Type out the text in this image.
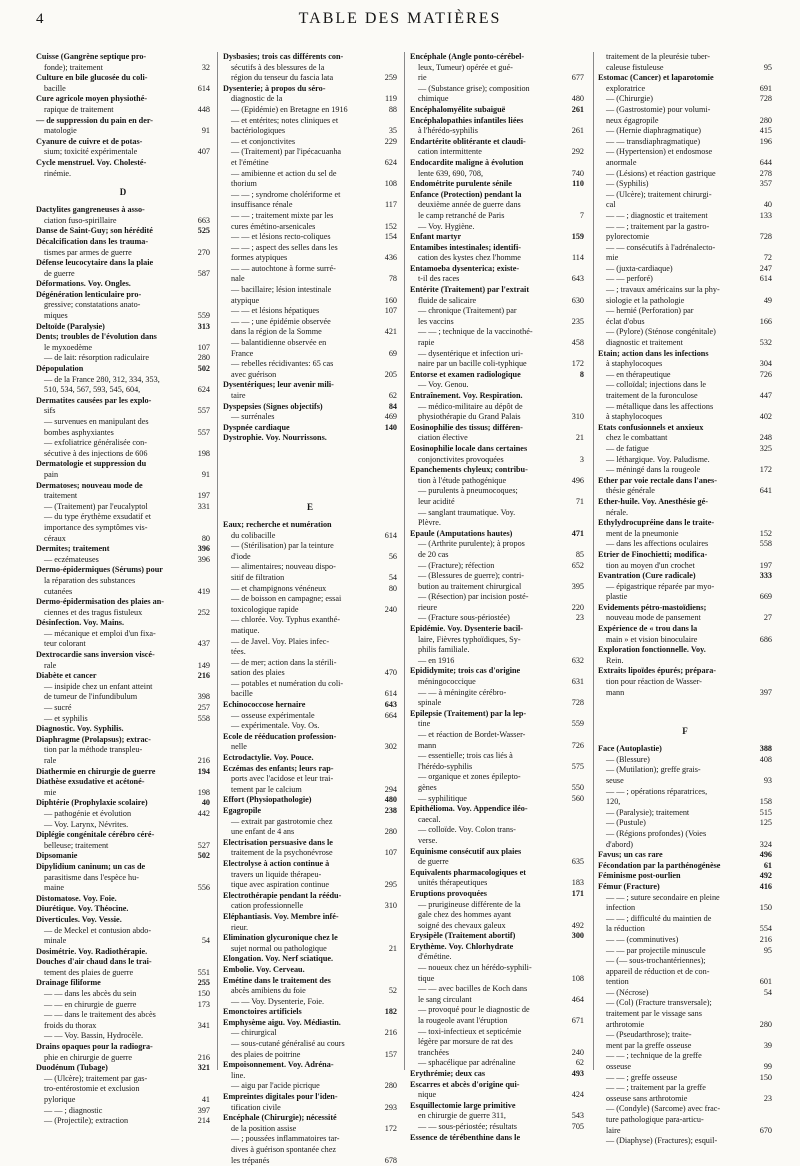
4	TABLE DES MATIÈRES
Cuisse (Gangrène septique pro-
fonde); traitement	32
Culture en bile glucosée du coli-
bacille	614
Cure agricole moyen physiothé-
rapique de traitement	448
— de suppression du pain en der-
matologie	91
Cyanure de cuivre et de potas-
sium; toxicité expérimentale	407
Cycle menstruel. Voy. Cholesté-
rinémie.
D
Dactylites gangreneuses à asso-
ciation fuso-spirillaire	663
Danse de Saint-Guy; son hérédité	525
Décalcification dans les trauma-
tismes par armes de guerre	270
Défense leucocytaire dans la plaie
de guerre	587
Déformations. Voy. Ongles.
Dégénération lenticulaire pro-
gressive; constatations anato-
miques	559
Deltoïde (Paralysie)	313
Dents; troubles de l'évolution dans
le myxoedème	107
— de lait: résorption radiculaire	280
Dépopulation	502
— de la France 280, 312, 334, 353,
510, 534, 567, 593, 545, 604,	624
Dermatites causées par les explo-
sifs	557
— survenues en manipulant des
bombes asphyxiantes	557
— exfoliatrice généralisée con-
sécutive à des injections de 606	198
Dermatologie et suppression du
pain	91
Dermatoses; nouveau mode de
traitement	197
— (Traitement) par l'eucalyptol	331
— du type érythème exsudatif et
importance des symptômes vis-
céraux	80
Dermites; traitement	396
— eczémateuses	396
Dermo-épidermiques (Sérums) pour
la réparation des substances
cutanées	419
Dermo-épidermisation des plaies an-
ciennes et des tragus fistuleux	252
Désinfection. Voy. Mains.
— mécanique et emploi d'un fixa-
teur colorant	437
Dextrocardie sans inversion viscé-
rale	149
Diabète et cancer	216
— insipide chez un enfant atteint
de tumeur de l'infundibulum	398
— sucré	257
— et syphilis	558
Diagnostic. Voy. Syphilis.
Diaphragme (Prolapsus); extrac-
tion par la méthode transpleu-
rale	216
Diathermie en chirurgie de guerre	194
Diathèse exsudative et acétoné-
mie	198
Diphtérie (Prophylaxie scolaire)	40
— pathogénie et évolution	442
— Voy. Larynx, Névrites.
Diplégie congénitale cérébro céré-
belleuse; traitement	527
Dipsomanie	502
Dipylidium caninum; un cas de
parasitisme dans l'espèce hu-
maine	556
Distomatose. Voy. Foie.
Diurétique. Voy. Théocine.
Diverticules. Voy. Vessie.
— de Meckel et contusion abdo-
minale	54
Dosimétrie. Voy. Radiothérapie.
Douches d'air chaud dans le trai-
tement des plaies de guerre	551
Drainage filiforme	255
— — dans les abcès du sein	150
— — en chirurgie de guerre	173
— — dans le traitement des abcès
froids du thorax	341
— — Voy. Bassin, Hydrocèle.
Drains opaques pour la radiogra-
phie en chirurgie de guerre	216
Duodénum (Tubage)	321
— (Ulcère); traitement par gas-
tro-entérostomie et exclusion
pylorique	41
— — ; diagnostic	397
— (Projectile); extraction	214
Dysbasies; trois cas différents con-
sécutifs à des blessures de la
région du tenseur du fascia lata	259
Dysenterie; à propos du séro-
diagnostic de la	119
— (Epidémie) en Bretagne en 1916	88
— et entérites; notes cliniques et
bactériologiques	35
— et conjonctivites	229
— (Traitement) par l'ipécacuanha
et l'émétine	624
— amibienne et action du sel de
thorium	108
— — ; syndrome cholériforme et
insuffisance rénale	117
— — ; traitement mixte par les
cures émétino-arsenicales	152
— — et lésions recto-coliques	154
— — ; aspect des selles dans les
formes atypiques	436
— — autochtone à forme surré-
nale	78
— bacillaire; lésion intestinale
atypique	160
— — et lésions hépatiques	107
— — ; une épidémie observée
dans la région de la Somme	421
— balantidienne observée en
France	69
— rebelles récidivantes: 65 cas
avec guérison	205
Dysentériques; leur avenir mili-
taire	62
Dyspepsies (Signes objectifs)	84
— surrénales	469
Dyspnée cardiaque	140
Dystrophie. Voy. Nourrissons.
E
Eaux; recherche et numération
du colibacille	614
— (Stérilisation) par la teinture
d'iode	56
— alimentaires; nouveau dispo-
sitif de filtration	54
— et champignons vénéneux	80
— de boisson en campagne; essai
toxicologique rapide	240
— chlorée. Voy. Typhus exanthé-
matique.
— de Javel. Voy. Plaies infec-
tées.
— de mer; action dans la stérili-
sation des plaies	470
— potables et numération du coli-
bacille	614
Echinococcose hernaire	643
— osseuse expérimentale	664
— expérimentale. Voy. Os.
Ecole de rééducation profession-
nelle	302
Ectrodactylie. Voy. Pouce.
Eczémas des enfants; leurs rap-
ports avec l'acidose et leur trai-
tement par le calcium	294
Effort (Physiopathologie)	480
Egagropile	238
— extrait par gastrotomie chez
une enfant de 4 ans	280
Electrisation persuasive dans le
traitement de la psychonévrose	107
Electrolyse à action continue à
travers un liquide thérapeu-
tique avec aspiration continue	295
Electrothérapie pendant la réédu-
cation professionnelle	310
Eléphantiasis. Voy. Membre infé-
rieur.
Elimination glycuronique chez le
sujet normal ou pathologique	21
Elongation. Voy. Nerf sciatique.
Embolie. Voy. Cerveau.
Emétine dans le traitement des
abcès amibiens du foie	52
— — Voy. Dysenterie, Foie.
Emonctoires artificiels	182
Emphysème aigu. Voy. Médiastin.
— chirurgical	216
— sous-cutané généralisé au cours
des plaies de poitrine	157
Empoisonnement. Voy. Adréna-
line.
— aigu par l'acide picrique	280
Empreintes digitales pour l'iden-
tification civile	293
Encéphale (Chirurgie); nécessité
de la position assise	172
— ; poussées inflammatoires tar-
dives à guérison spontanée chez
les trépanés	678
Encéphale (Angle ponto-cérébel-
leux, Tumeur) opérée et gué-
rie	677
— (Substance grise); composition
chimique	480
Encéphalomyélite subaiguë	261
Encéphalopathies infantiles liées
à l'hérédo-syphilis	261
Endartérite oblitérante et claudi-
cation intermittente	292
Endocardite maligne à évolution
lente 639, 690, 708,	740
Endométrite purulente sénile	110
Enfance (Protection) pendant la
deuxième année de guerre dans
le camp retranché de Paris	7
— Voy. Hygiène.
Enfant martyr	159
Entamibes intestinales; identifi-
cation des kystes chez l'homme	114
Entamoeba dysenterica; existe-
t-il des races	643
Entérite (Traitement) par l'extrait
fluide de salicaire	630
— chronique (Traitement) par
les vaccins	235
— — ; technique de la vaccinothé-
rapie	458
— dysentérique et infection uri-
naire par un bacille coli-typhique	172
Entorse et examen radiologique	8
— Voy. Genou.
Entraînement. Voy. Respiration.
— médico-militaire au dépôt de
physiothérapie du Grand Palais	310
Eosinophilie des tissus; différen-
ciation élective	21
Eosinophilie locale dans certaines
conjonctivites provoquées	3
Epanchements chyleux; contribu-
tion à l'étude pathogénique	496
— purulents à pneumocoques;
leur acidité	71
— sanglant traumatique. Voy.
Plèvre.
Epaule (Amputations hautes)	471
— (Arthrite purulente); à propos
de 20 cas	85
— (Fracture); réfection	652
— (Blessures de guerre); contri-
bution au traitement chirurgical	395
— (Résection) par incision posté-
rieure	220
— (Fracture sous-périostée)	23
Epidémie. Voy. Dysenterie bacil-
laire, Fièvres typhoïdiques, Sy-
philis familiale.
— en 1916	632
Epididymite; trois cas d'origine
méningococcique	631
— — à méningite cérébro-
spinale	728
Epilepsie (Traitement) par la lep-
tine	559
— et réaction de Bordet-Wasser-
mann	726
— essentielle; trois cas liés à
l'hérédo-syphilis	575
— organique et zones épilepto-
gènes	550
— syphilitique	560
Epithélioma. Voy. Appendice iléo-
caecal.
— colloïde. Voy. Colon trans-
verse.
Equinisme consécutif aux plaies
de guerre	635
Equivalents pharmacologiques et
unités thérapeutiques	183
Eruptions provoquées	171
— prurigineuse différente de la
gale chez des hommes ayant
soigné des chevaux galeux	492
Erysipèle (Traitement abortif)	300
Erythème. Voy. Chlorhydrate
d'émétine.
— noueux chez un hérédo-syphili-
tique	108
— — avec bacilles de Koch dans
le sang circulant	464
— provoqué pour le diagnostic de
la rougeole avant l'éruption	671
— toxi-infectieux et septicémie
légère par morsure de rat des
tranchées	240
— sphacélique par adrénaline	62
Erythrémie; deux cas	493
Escarres et abcès d'origine qui-
nique	424
Esquillectomie large primitive
en chirurgie de guerre 311,	543
— — sous-périostée; résultats	705
Essence de térébenthine dans le
traitement de la pleurésie tuber-
caleuse fistuleuse	95
Estomac (Cancer) et laparotomie
exploratrice	691
— (Chirurgie)	728
— (Gastrostomie) pour volumi-
neux égagropile	280
— (Hernie diaphragmatique)	415
— — transdiaphragmatique)	196
— (Hypertension) et endosmose
anormale	644
— (Lésions) et réaction gastrique	278
— (Syphilis)	357
— (Ulcère); traitement chirurgi-
cal	40
— — ; diagnostic et traitement	133
— — ; traitement par la gastro-
pylorectomie	728
— — consécutifs à l'adrénalecto-
mie	72
— (juxta-cardiaque)	247
— — perforé)	614
— ; travaux américains sur la phy-
siologie et la pathologie	49
— hernié (Perforation) par
éclat d'obus	166
— (Pylore) (Sténose congénitale)
diagnostic et traitement	532
Etain; action dans les infections
à staphylocoques	304
— en thérapeutique	726
— colloïdal; injections dans le
traitement de la furonculose	447
— métallique dans les affections
à staphylocoques	402
Etats confusionnels et anxieux
chez le combattant	248
— de fatigue	325
— léthargique. Voy. Paludisme.
— méningé dans la rougeole	172
Ether par voie rectale dans l'anes-
thésie générale	641
Ether-huile. Voy. Anesthésie gé-
nérale.
Ethylydrocupréine dans le traite-
ment de la pneumonie	152
— dans les affections oculaires	558
Etrier de Finochietti; modifica-
tion au moyen d'un crochet	197
Evantration (Cure radicale)	333
— épigastrique réparée par myo-
plastie	669
Evidements pétro-mastoïdiens;
nouveau mode de pansement	27
Expérience de « trou dans la
main » et vision binoculaire	686
Exploration fonctionnelle. Voy.
Rein.
Extraits lipoïdes épurés; prépara-
tion pour réaction de Wasser-
mann	397
F
Face (Autoplastie)	388
— (Blessure)	408
— (Mutilation); greffe grais-
seuse	93
— — ; opérations réparatrices,
120,	158
— (Paralysie); traitement	515
— (Pustule)	125
— (Régions profondes) (Voies
d'abord)	324
Favus; un cas rare	496
Fécondation par la parthénogénèse	61
Féminisme post-ourlien	492
Fémur (Fracture)	416
— — ; suture secondaire en pleine
infection	150
— — ; difficulté du maintien de
la réduction	554
— — (comminutives)	216
— — par projectile minuscule	95
— (— sous-trochantériennes);
appareil de réduction et de con-
tention	601
— (Nécrose)	54
— (Col) (Fracture transversale);
traitement par le vissage sans
arthrotomie	280
— (Pseudarthrose); traite-
ment par la greffe osseuse	39
— — ; technique de la greffe
osseuse	99
— — ; greffe osseuse	150
— — ; traitement par la greffe
osseuse sans arthrotomie	23
— (Condyle) (Sarcome) avec frac-
ture pathologique para-articu-
laire	670
— (Diaphyse) (Fractures); esquil-
